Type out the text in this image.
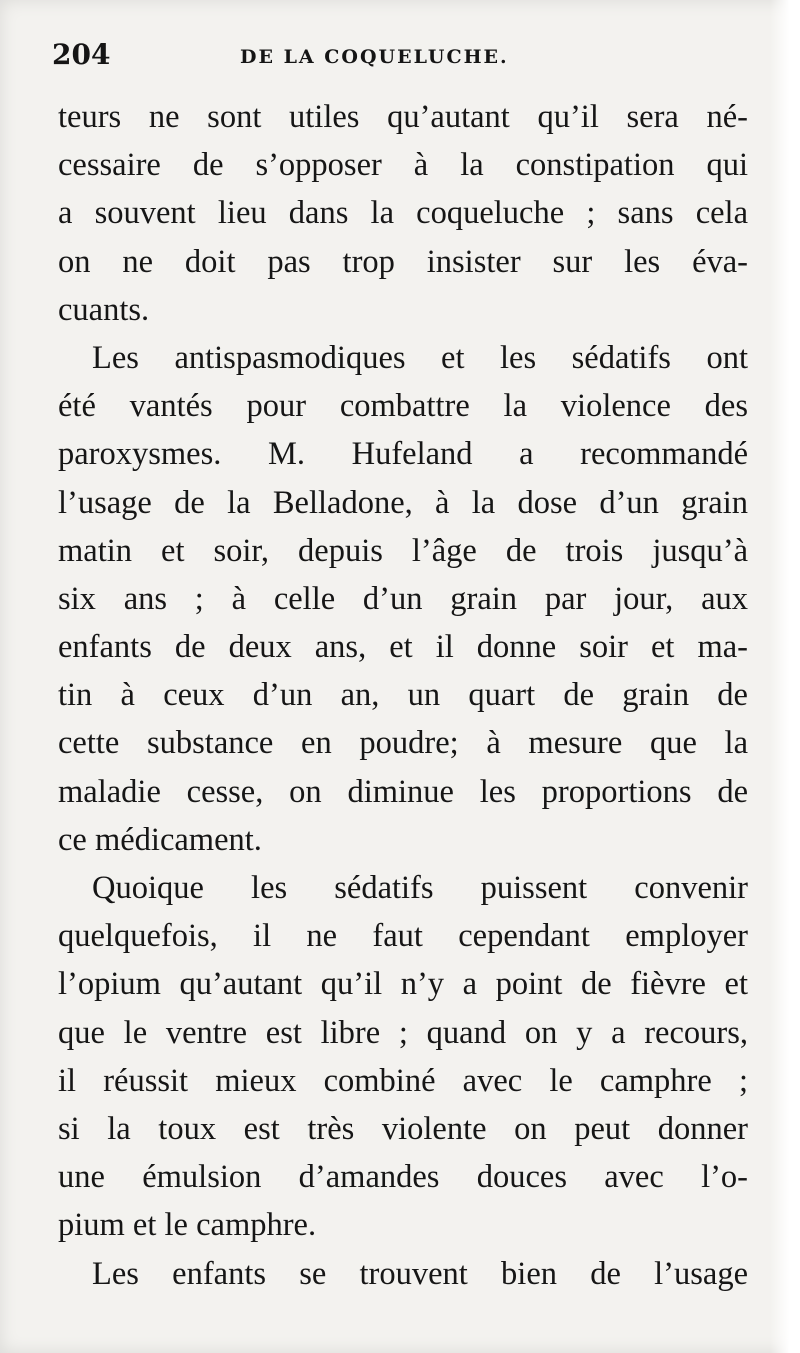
204	DE LA COQUELUCHE.
teurs ne sont utiles qu’autant qu’il sera né-
cessaire de s’opposer à la constipation qui
a souvent lieu dans la coqueluche ; sans cela
on ne doit pas trop insister sur les éva-
cuants.
Les antispasmodiques et les sédatifs ont
été vantés pour combattre la violence des
paroxysmes. M. Hufeland a recommandé
l’usage de la Belladone, à la dose d’un grain
matin et soir, depuis l’âge de trois jusqu’à
six ans ; à celle d’un grain par jour, aux
enfants de deux ans, et il donne soir et ma-
tin à ceux d’un an, un quart de grain de
cette substance en poudre; à mesure que la
maladie cesse, on diminue les proportions de
ce médicament.
Quoique les sédatifs puissent convenir
quelquefois, il ne faut cependant employer
l’opium qu’autant qu’il n’y a point de fièvre et
que le ventre est libre ; quand on y a recours,
il réussit mieux combiné avec le camphre ;
si la toux est très violente on peut donner
une émulsion d’amandes douces avec l’o-
pium et le camphre.
Les enfants se trouvent bien de l’usage
